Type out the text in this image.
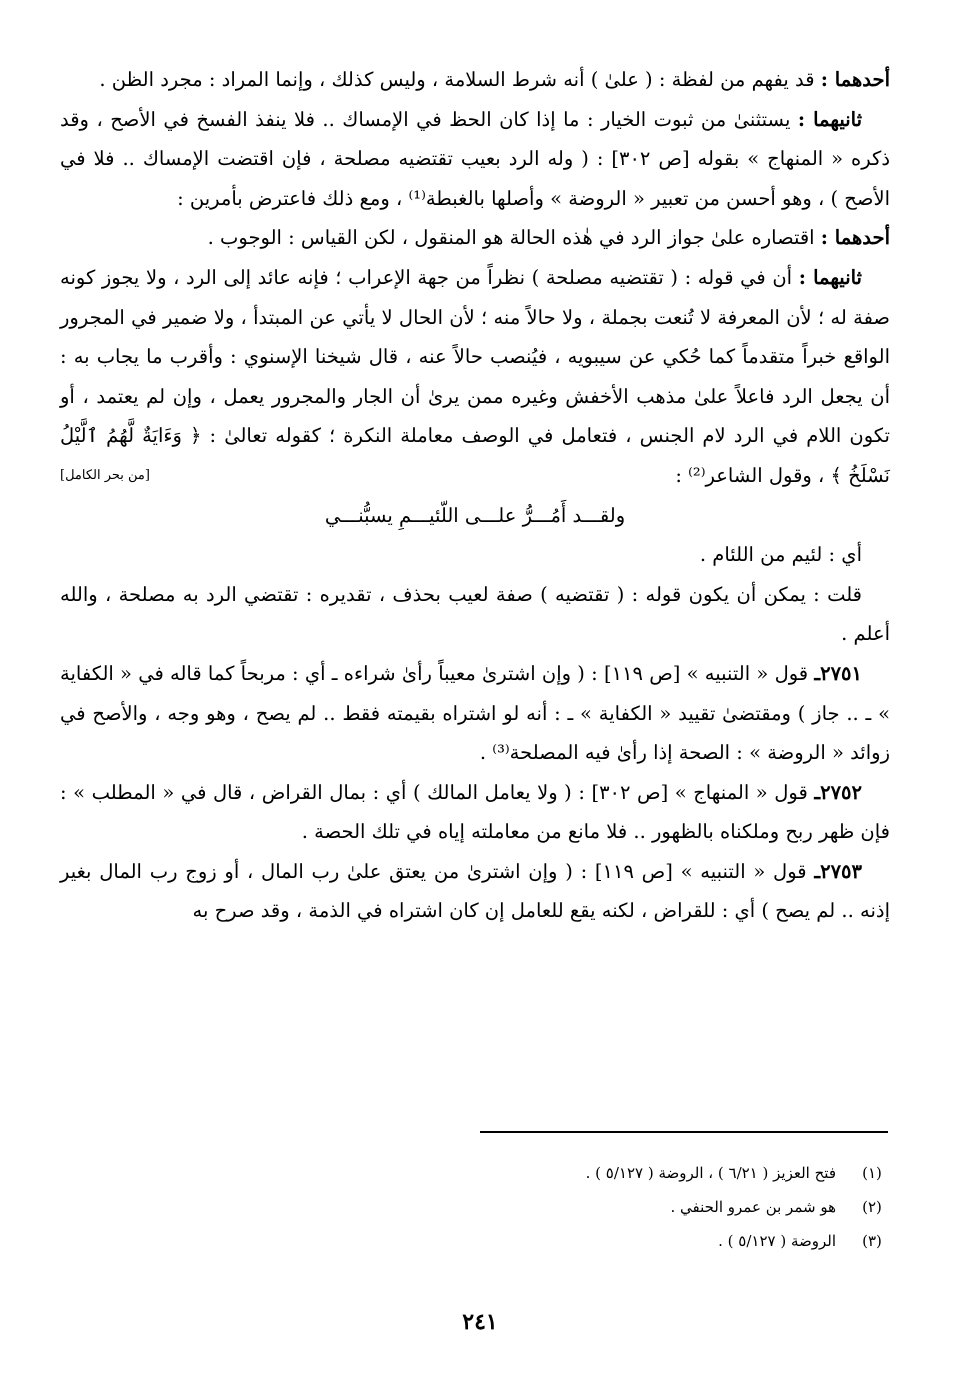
أحدهما : قد يفهم من لفظة : ( علىٰ ) أنه شرط السلامة ، وليس كذلك ، وإنما المراد : مجرد الظن .

ثانيهما : يستثنىٰ من ثبوت الخيار : ما إذا كان الحظ في الإمساك .. فلا ينفذ الفسخ في الأصح ، وقد ذكره « المنهاج » بقوله [ص ٣٠٢] : ( وله الرد بعيب تقتضيه مصلحة ، فإن اقتضت الإمساك .. فلا في الأصح ) ، وهو أحسن من تعبير « الروضة » وأصلها بالغبطة⁽¹⁾ ، ومع ذلك فاعترض بأمرين :

أحدهما : اقتصاره علىٰ جواز الرد في هٰذه الحالة هو المنقول ، لكن القياس : الوجوب .

ثانيهما : أن في قوله : ( تقتضيه مصلحة ) نظراً من جهة الإعراب ؛ فإنه عائد إلى الرد ، ولا يجوز كونه صفة له ؛ لأن المعرفة لا تُنعت بجملة ، ولا حالاً منه ؛ لأن الحال لا يأتي عن المبتدأ ، ولا ضمير في المجرور الواقع خبراً متقدماً كما حُكي عن سيبويه ، فيُنصب حالاً عنه ، قال شيخنا الإسنوي : وأقرب ما يجاب به : أن يجعل الرد فاعلاً علىٰ مذهب الأخفش وغيره ممن يرىٰ أن الجار والمجرور يعمل ، وإن لم يعتمد ، أو تكون اللام في الرد لام الجنس ، فتعامل في الوصف معاملة النكرة ؛ كقوله تعالىٰ : ﴿ وَءَايَةٌ لَّهُمُ ٱلَّيْلُ نَسْلَخُ ﴾ ، وقول الشاعر⁽²⁾ :
[من بحر الكامل]

ولقـــد أَمُـــرُّ علـــى اللّئيـــمِ يسبُّنـــي

أي : لئيم من اللئام .

قلت : يمكن أن يكون قوله : ( تقتضيه ) صفة لعيب بحذف ، تقديره : تقتضي الرد به مصلحة ، والله أعلم .

٢٧٥١ـ قول « التنبيه » [ص ١١٩] : ( وإن اشترىٰ معيباً رأىٰ شراءه ـ أي : مربحاً كما قاله في « الكفاية » ـ .. جاز ) ومقتضىٰ تقييد « الكفاية » ـ : أنه لو اشتراه بقيمته فقط .. لم يصح ، وهو وجه ، والأصح في زوائد « الروضة » : الصحة إذا رأىٰ فيه المصلحة⁽³⁾ .

٢٧٥٢ـ قول « المنهاج » [ص ٣٠٢] : ( ولا يعامل المالك ) أي : بمال القراض ، قال في « المطلب » : فإن ظهر ربح وملكناه بالظهور .. فلا مانع من معاملته إياه في تلك الحصة .

٢٧٥٣ـ قول « التنبيه » [ص ١١٩] : ( وإن اشترىٰ من يعتق علىٰ رب المال ، أو زوج رب المال بغير إذنه .. لم يصح ) أي : للقراض ، لكنه يقع للعامل إن كان اشتراه في الذمة ، وقد صرح به

(١)
فتح العزيز ( ٦/٢١ ) ، الروضة ( ٥/١٢٧ ) .
(٢)
هو شمر بن عمرو الحنفي .
(٣)
الروضة ( ٥/١٢٧ ) .
٢٤١
